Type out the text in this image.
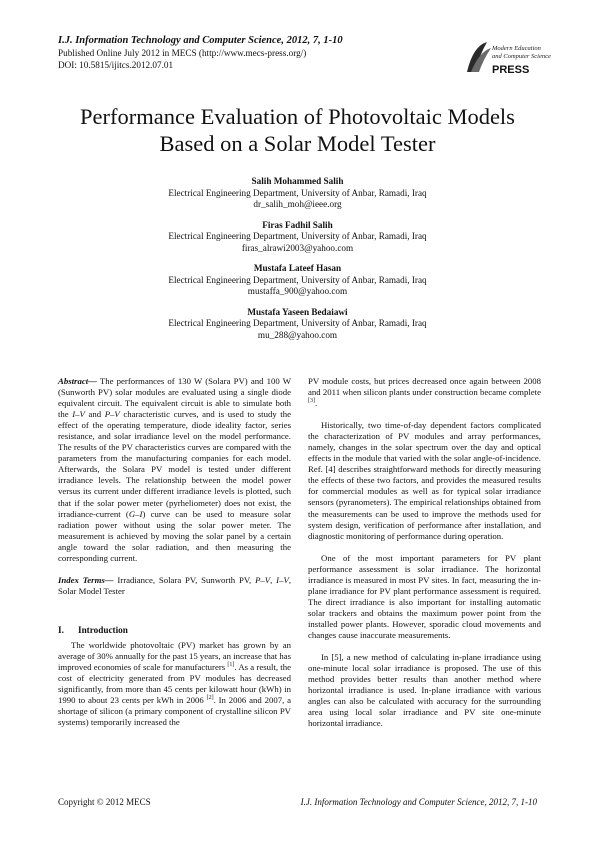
I.J. Information Technology and Computer Science, 2012, 7, 1-10
Published Online July 2012 in MECS (http://www.mecs-press.org/)
DOI: 10.5815/ijitcs.2012.07.01
Modern Education
and Computer Science
PRESS
Performance Evaluation of Photovoltaic Models
Based on a Solar Model Tester
Salih Mohammed Salih
Electrical Engineering Department, University of Anbar, Ramadi, Iraq
dr_salih_moh@ieee.org
Firas Fadhil Salih
Electrical Engineering Department, University of Anbar, Ramadi, Iraq
firas_alrawi2003@yahoo.com
Mustafa Lateef Hasan
Electrical Engineering Department, University of Anbar, Ramadi, Iraq
mustaffa_900@yahoo.com
Mustafa Yaseen Bedaiawi
Electrical Engineering Department, University of Anbar, Ramadi, Iraq
mu_288@yahoo.com

Abstract— The performances of 130 W (Solara PV) and 100 W (Sunworth PV) solar modules are evaluated using a single diode equivalent circuit. The equivalent circuit is able to simulate both the I–V and P–V characteristic curves, and is used to study the effect of the operating temperature, diode ideality factor, series resistance, and solar irradiance level on the model performance. The results of the PV characteristics curves are compared with the parameters from the manufacturing companies for each model. Afterwards, the Solara PV model is tested under different irradiance levels. The relationship between the model power versus its current under different irradiance levels is plotted, such that if the solar power meter (pyrheliometer) does not exist, the irradiance-current (G–I) curve can be used to measure solar radiation power without using the solar power meter. The measurement is achieved by moving the solar panel by a certain angle toward the solar radiation, and then measuring the corresponding current.

Index Terms— Irradiance, Solara PV, Sunworth PV, P–V, I–V, Solar Model Tester

I. Introduction

The worldwide photovoltaic (PV) market has grown by an average of 30% annually for the past 15 years, an increase that has improved economies of scale for manufacturers [1]. As a result, the cost of electricity generated from PV modules has decreased significantly, from more than 45 cents per kilowatt hour (kWh) in 1990 to about 23 cents per kWh in 2006 [2]. In 2006 and 2007, a shortage of silicon (a primary component of crystalline silicon PV systems) temporarily increased the

PV module costs, but prices decreased once again between 2008 and 2011 when silicon plants under construction became complete [3].

Historically, two time-of-day dependent factors complicated the characterization of PV modules and array performances, namely, changes in the solar spectrum over the day and optical effects in the module that varied with the solar angle-of-incidence. Ref. [4] describes straightforward methods for directly measuring the effects of these two factors, and provides the measured results for commercial modules as well as for typical solar irradiance sensors (pyranometers). The empirical relationships obtained from the measurements can be used to improve the methods used for system design, verification of performance after installation, and diagnostic monitoring of performance during operation.

One of the most important parameters for PV plant performance assessment is solar irradiance. The horizontal irradiance is measured in most PV sites. In fact, measuring the in-plane irradiance for PV plant performance assessment is required. The direct irradiance is also important for installing automatic solar trackers and obtains the maximum power point from the installed power plants. However, sporadic cloud movements and changes cause inaccurate measurements.

In [5], a new method of calculating in-plane irradiance using one-minute local solar irradiance is proposed. The use of this method provides better results than another method where horizontal irradiance is used. In-plane irradiance with various angles can also be calculated with accuracy for the surrounding area using local solar irradiance and PV site one-minute horizontal irradiance.

Copyright © 2012 MECS	I.J. Information Technology and Computer Science, 2012, 7, 1-10
